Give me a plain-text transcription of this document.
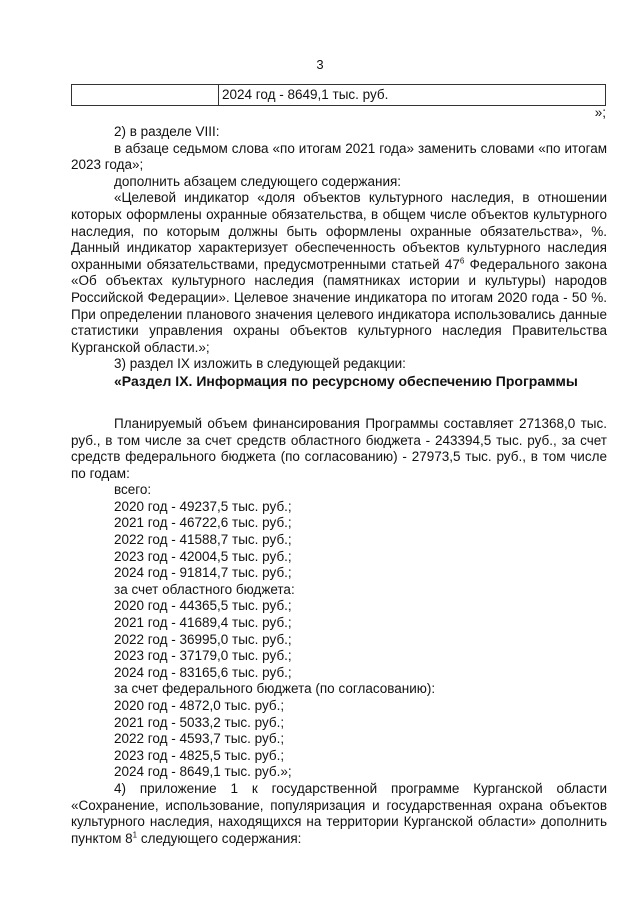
3
	2024 год - 8649,1 тыс. руб.
»;

2) в разделе VIII:

в абзаце седьмом слова «по итогам 2021 года» заменить словами «по итогам 2023 года»;

дополнить абзацем следующего содержания:

«Целевой индикатор «доля объектов культурного наследия, в отношении которых оформлены охранные обязательства, в общем числе объектов культурного наследия, по которым должны быть оформлены охранные обязательства», %. Данный индикатор характеризует обеспеченность объектов культурного наследия охранными обязательствами, предусмотренными статьей $47^6$ Федерального закона «Об объектах культурного наследия (памятниках истории и культуры) народов Российской Федерации». Целевое значение индикатора по итогам 2020 года - 50 %. При определении планового значения целевого индикатора использовались данные статистики управления охраны объектов культурного наследия Правительства Курганской области.»;

3) раздел IX изложить в следующей редакции:

«Раздел IX. Информация по ресурсному обеспечению Программы

Планируемый объем финансирования Программы составляет 271368,0 тыс. руб., в том числе за счет средств областного бюджета - 243394,5 тыс. руб., за счет средств федерального бюджета (по согласованию) - 27973,5 тыс. руб., в том числе по годам:

всего:

2020 год - 49237,5 тыс. руб.;

2021 год - 46722,6 тыс. руб.;

2022 год - 41588,7 тыс. руб.;

2023 год - 42004,5 тыс. руб.;

2024 год - 91814,7 тыс. руб.;

за счет областного бюджета:

2020 год - 44365,5 тыс. руб.;

2021 год - 41689,4 тыс. руб.;

2022 год - 36995,0 тыс. руб.;

2023 год - 37179,0 тыс. руб.;

2024 год - 83165,6 тыс. руб.;

за счет федерального бюджета (по согласованию):

2020 год - 4872,0 тыс. руб.;

2021 год - 5033,2 тыс. руб.;

2022 год - 4593,7 тыс. руб.;

2023 год - 4825,5 тыс. руб.;

2024 год - 8649,1 тыс. руб.»;

4) приложение 1 к государственной программе Курганской области «Сохранение, использование, популяризация и государственная охрана объектов культурного наследия, находящихся на территории Курганской области» дополнить пунктом $8^1$ следующего содержания:
